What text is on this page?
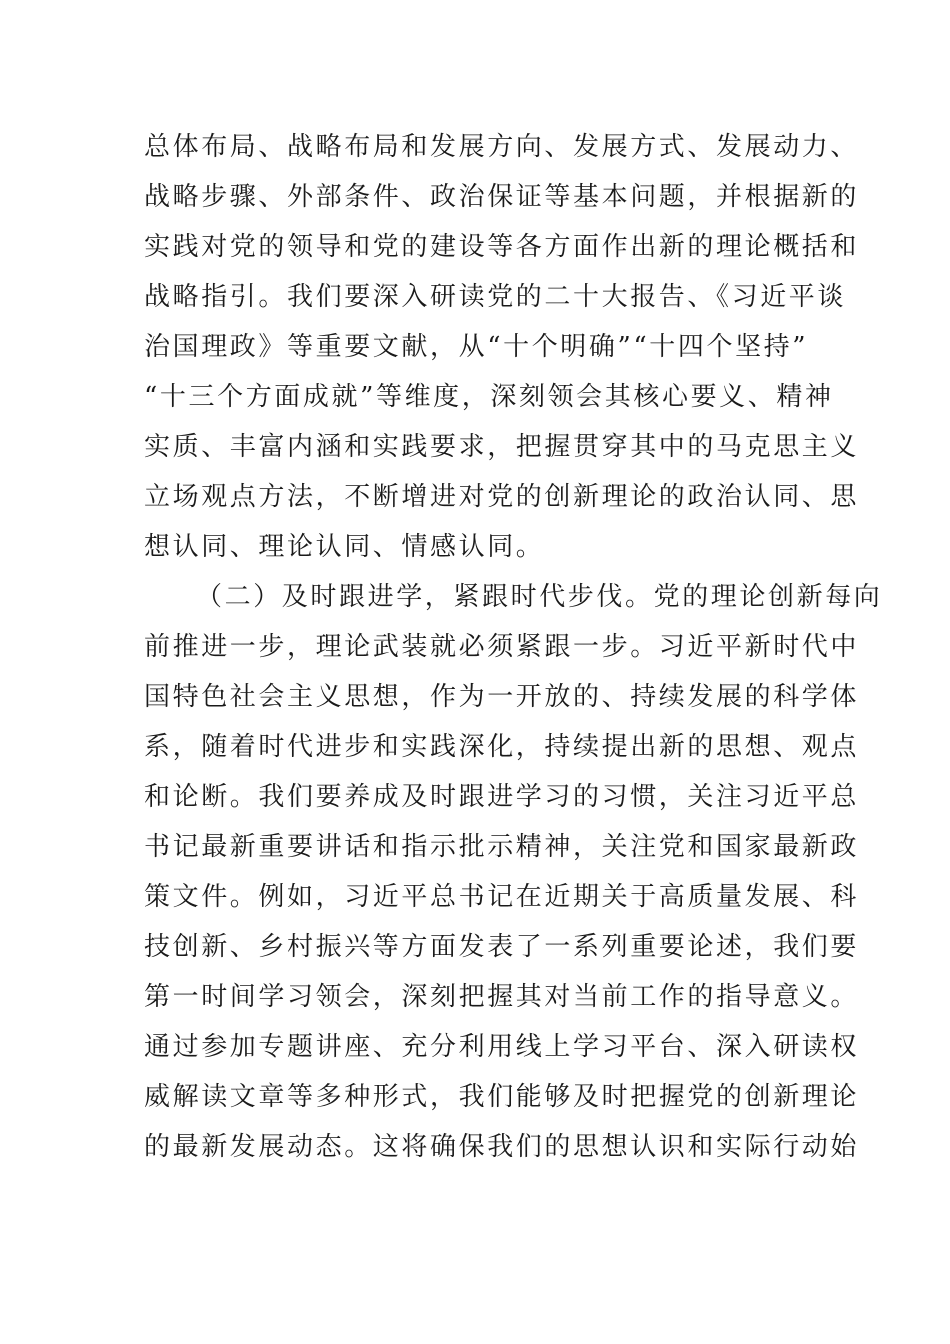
总体布局、战略布局和发展方向、发展方式、发展动力、
战略步骤、外部条件、政治保证等基本问题，并根据新的
实践对党的领导和党的建设等各方面作出新的理论概括和
战略指引。我们要深入研读党的二十大报告、《习近平谈
治国理政》等重要文献，从“十个明确”“十四个坚持”
“十三个方面成就”等维度，深刻领会其核心要义、精神
实质、丰富内涵和实践要求，把握贯穿其中的马克思主义
立场观点方法，不断增进对党的创新理论的政治认同、思
想认同、理论认同、情感认同。
（二）及时跟进学，紧跟时代步伐。党的理论创新每向
前推进一步，理论武装就必须紧跟一步。习近平新时代中
国特色社会主义思想，作为一开放的、持续发展的科学体
系，随着时代进步和实践深化，持续提出新的思想、观点
和论断。我们要养成及时跟进学习的习惯，关注习近平总
书记最新重要讲话和指示批示精神，关注党和国家最新政
策文件。例如，习近平总书记在近期关于高质量发展、科
技创新、乡村振兴等方面发表了一系列重要论述，我们要
第一时间学习领会，深刻把握其对当前工作的指导意义。
通过参加专题讲座、充分利用线上学习平台、深入研读权
威解读文章等多种形式，我们能够及时把握党的创新理论
的最新发展动态。这将确保我们的思想认识和实际行动始
